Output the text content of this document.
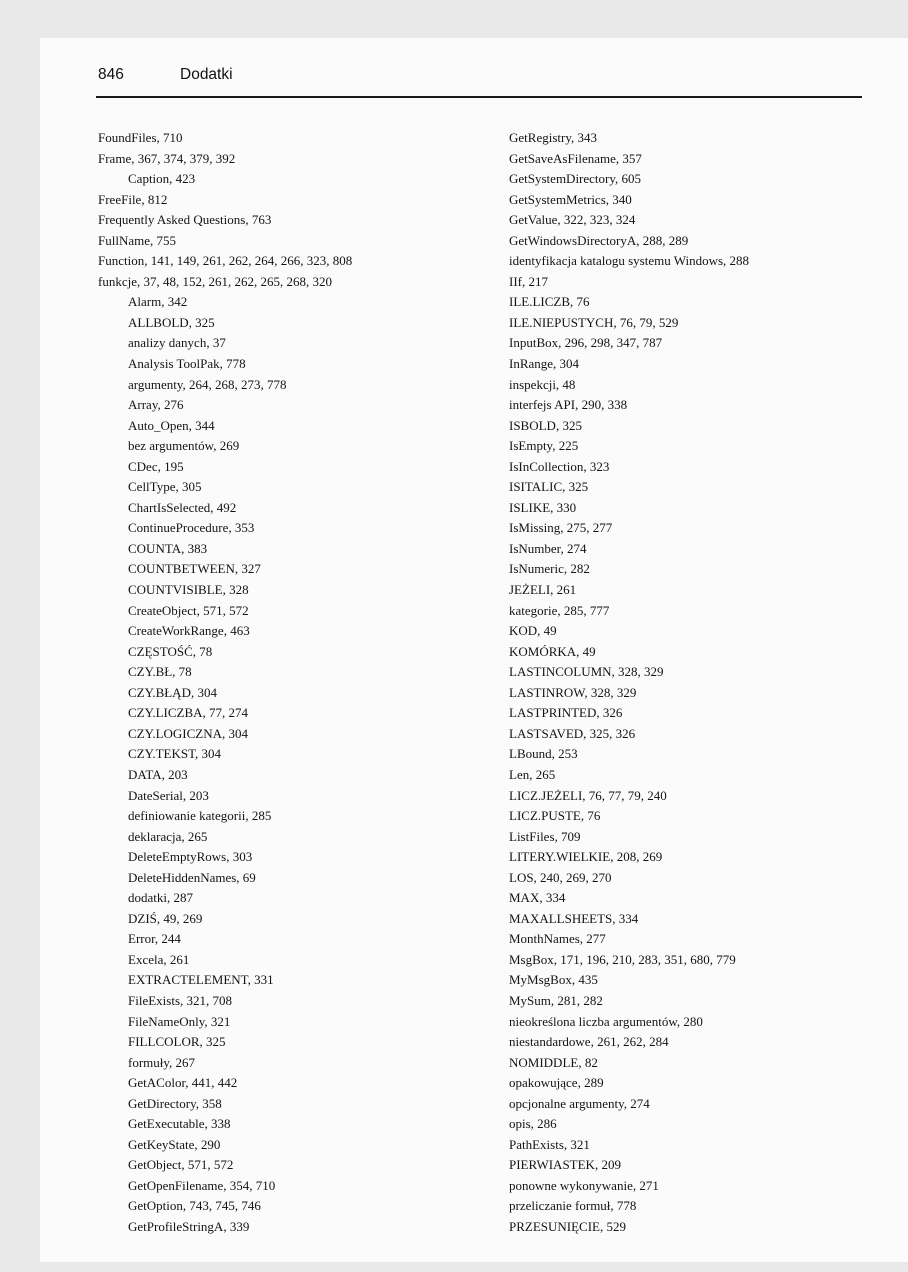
846	Dodatki
FoundFiles, 710
Frame, 367, 374, 379, 392
Caption, 423
FreeFile, 812
Frequently Asked Questions, 763
FullName, 755
Function, 141, 149, 261, 262, 264, 266, 323, 808
funkcje, 37, 48, 152, 261, 262, 265, 268, 320
Alarm, 342
ALLBOLD, 325
analizy danych, 37
Analysis ToolPak, 778
argumenty, 264, 268, 273, 778
Array, 276
Auto_Open, 344
bez argumentów, 269
CDec, 195
CellType, 305
ChartIsSelected, 492
ContinueProcedure, 353
COUNTA, 383
COUNTBETWEEN, 327
COUNTVISIBLE, 328
CreateObject, 571, 572
CreateWorkRange, 463
CZĘSTOŚĆ, 78
CZY.BŁ, 78
CZY.BŁĄD, 304
CZY.LICZBA, 77, 274
CZY.LOGICZNA, 304
CZY.TEKST, 304
DATA, 203
DateSerial, 203
definiowanie kategorii, 285
deklaracja, 265
DeleteEmptyRows, 303
DeleteHiddenNames, 69
dodatki, 287
DZIŚ, 49, 269
Error, 244
Excela, 261
EXTRACTELEMENT, 331
FileExists, 321, 708
FileNameOnly, 321
FILLCOLOR, 325
formuły, 267
GetAColor, 441, 442
GetDirectory, 358
GetExecutable, 338
GetKeyState, 290
GetObject, 571, 572
GetOpenFilename, 354, 710
GetOption, 743, 745, 746
GetProfileStringA, 339
GetRegistry, 343
GetSaveAsFilename, 357
GetSystemDirectory, 605
GetSystemMetrics, 340
GetValue, 322, 323, 324
GetWindowsDirectoryA, 288, 289
identyfikacja katalogu systemu Windows, 288
IIf, 217
ILE.LICZB, 76
ILE.NIEPUSTYCH, 76, 79, 529
InputBox, 296, 298, 347, 787
InRange, 304
inspekcji, 48
interfejs API, 290, 338
ISBOLD, 325
IsEmpty, 225
IsInCollection, 323
ISITALIC, 325
ISLIKE, 330
IsMissing, 275, 277
IsNumber, 274
IsNumeric, 282
JEŻELI, 261
kategorie, 285, 777
KOD, 49
KOMÓRKA, 49
LASTINCOLUMN, 328, 329
LASTINROW, 328, 329
LASTPRINTED, 326
LASTSAVED, 325, 326
LBound, 253
Len, 265
LICZ.JEŻELI, 76, 77, 79, 240
LICZ.PUSTE, 76
ListFiles, 709
LITERY.WIELKIE, 208, 269
LOS, 240, 269, 270
MAX, 334
MAXALLSHEETS, 334
MonthNames, 277
MsgBox, 171, 196, 210, 283, 351, 680, 779
MyMsgBox, 435
MySum, 281, 282
nieokreślona liczba argumentów, 280
niestandardowe, 261, 262, 284
NOMIDDLE, 82
opakowujące, 289
opcjonalne argumenty, 274
opis, 286
PathExists, 321
PIERWIASTEK, 209
ponowne wykonywanie, 271
przeliczanie formuł, 778
PRZESUNIĘCIE, 529
